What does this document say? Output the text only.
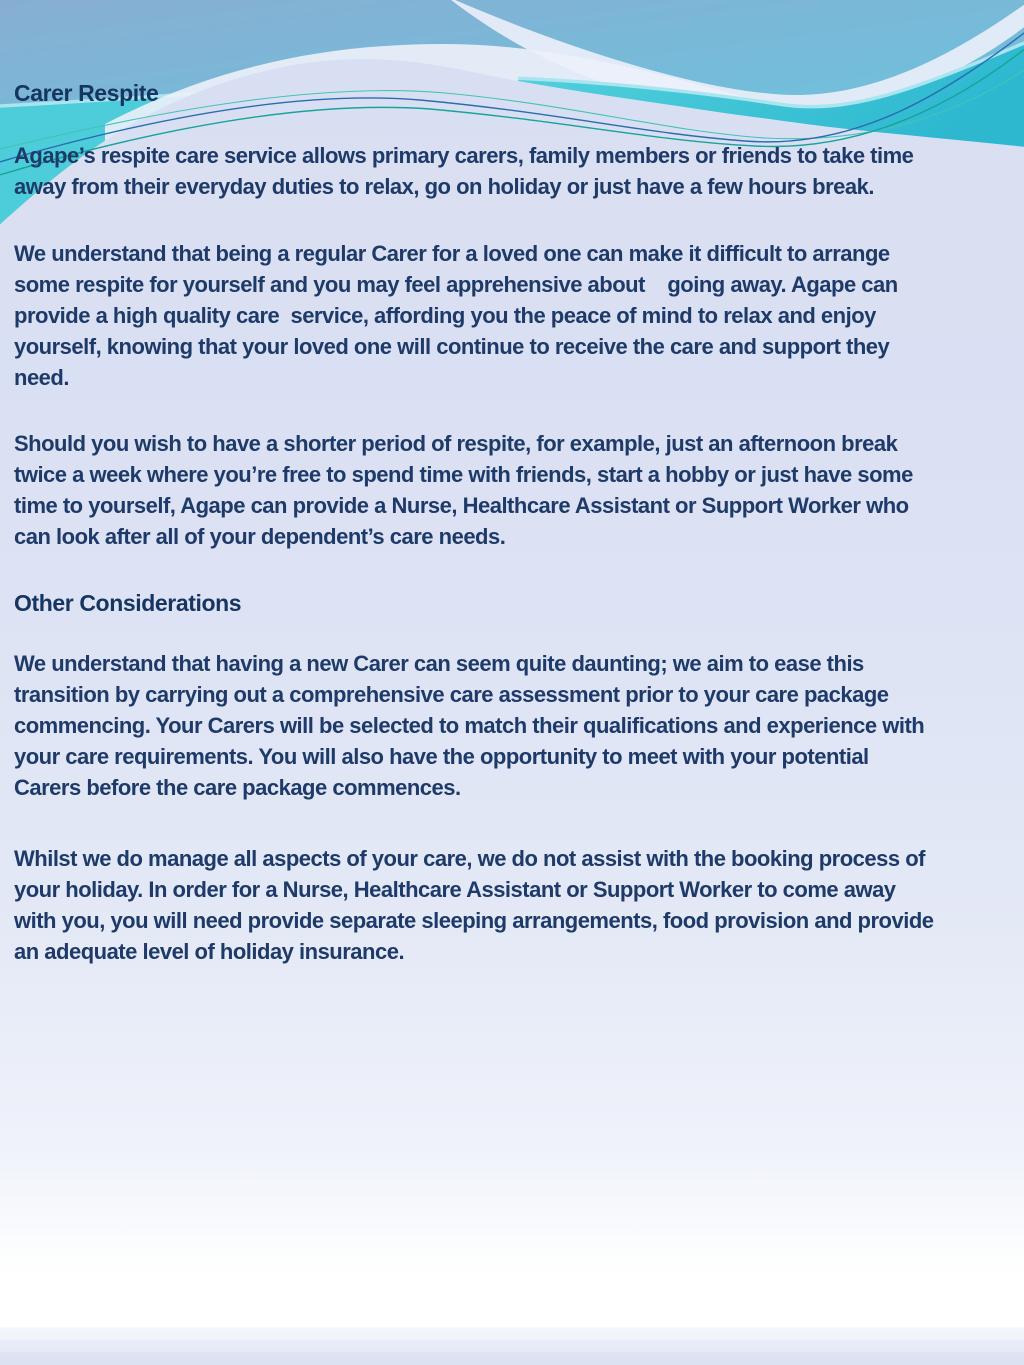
Carer Respite
Agape’s respite care service allows primary carers, family members or friends to take time
away from their everyday duties to relax, go on holiday or just have a few hours break.
We understand that being a regular Carer for a loved one can make it difficult to arrange
some respite for yourself and you may feel apprehensive about    going away. Agape can
provide a high quality care  service, affording you the peace of mind to relax and enjoy
yourself, knowing that your loved one will continue to receive the care and support they
need.
Should you wish to have a shorter period of respite, for example, just an afternoon break
twice a week where you’re free to spend time with friends, start a hobby or just have some
time to yourself, Agape can provide a Nurse, Healthcare Assistant or Support Worker who
can look after all of your dependent’s care needs.
Other Considerations
We understand that having a new Carer can seem quite daunting; we aim to ease this
transition by carrying out a comprehensive care assessment prior to your care package
commencing. Your Carers will be selected to match their qualifications and experience with
your care requirements. You will also have the opportunity to meet with your potential
Carers before the care package commences.
Whilst we do manage all aspects of your care, we do not assist with the booking process of
your holiday. In order for a Nurse, Healthcare Assistant or Support Worker to come away
with you, you will need provide separate sleeping arrangements, food provision and provide
an adequate level of holiday insurance.
